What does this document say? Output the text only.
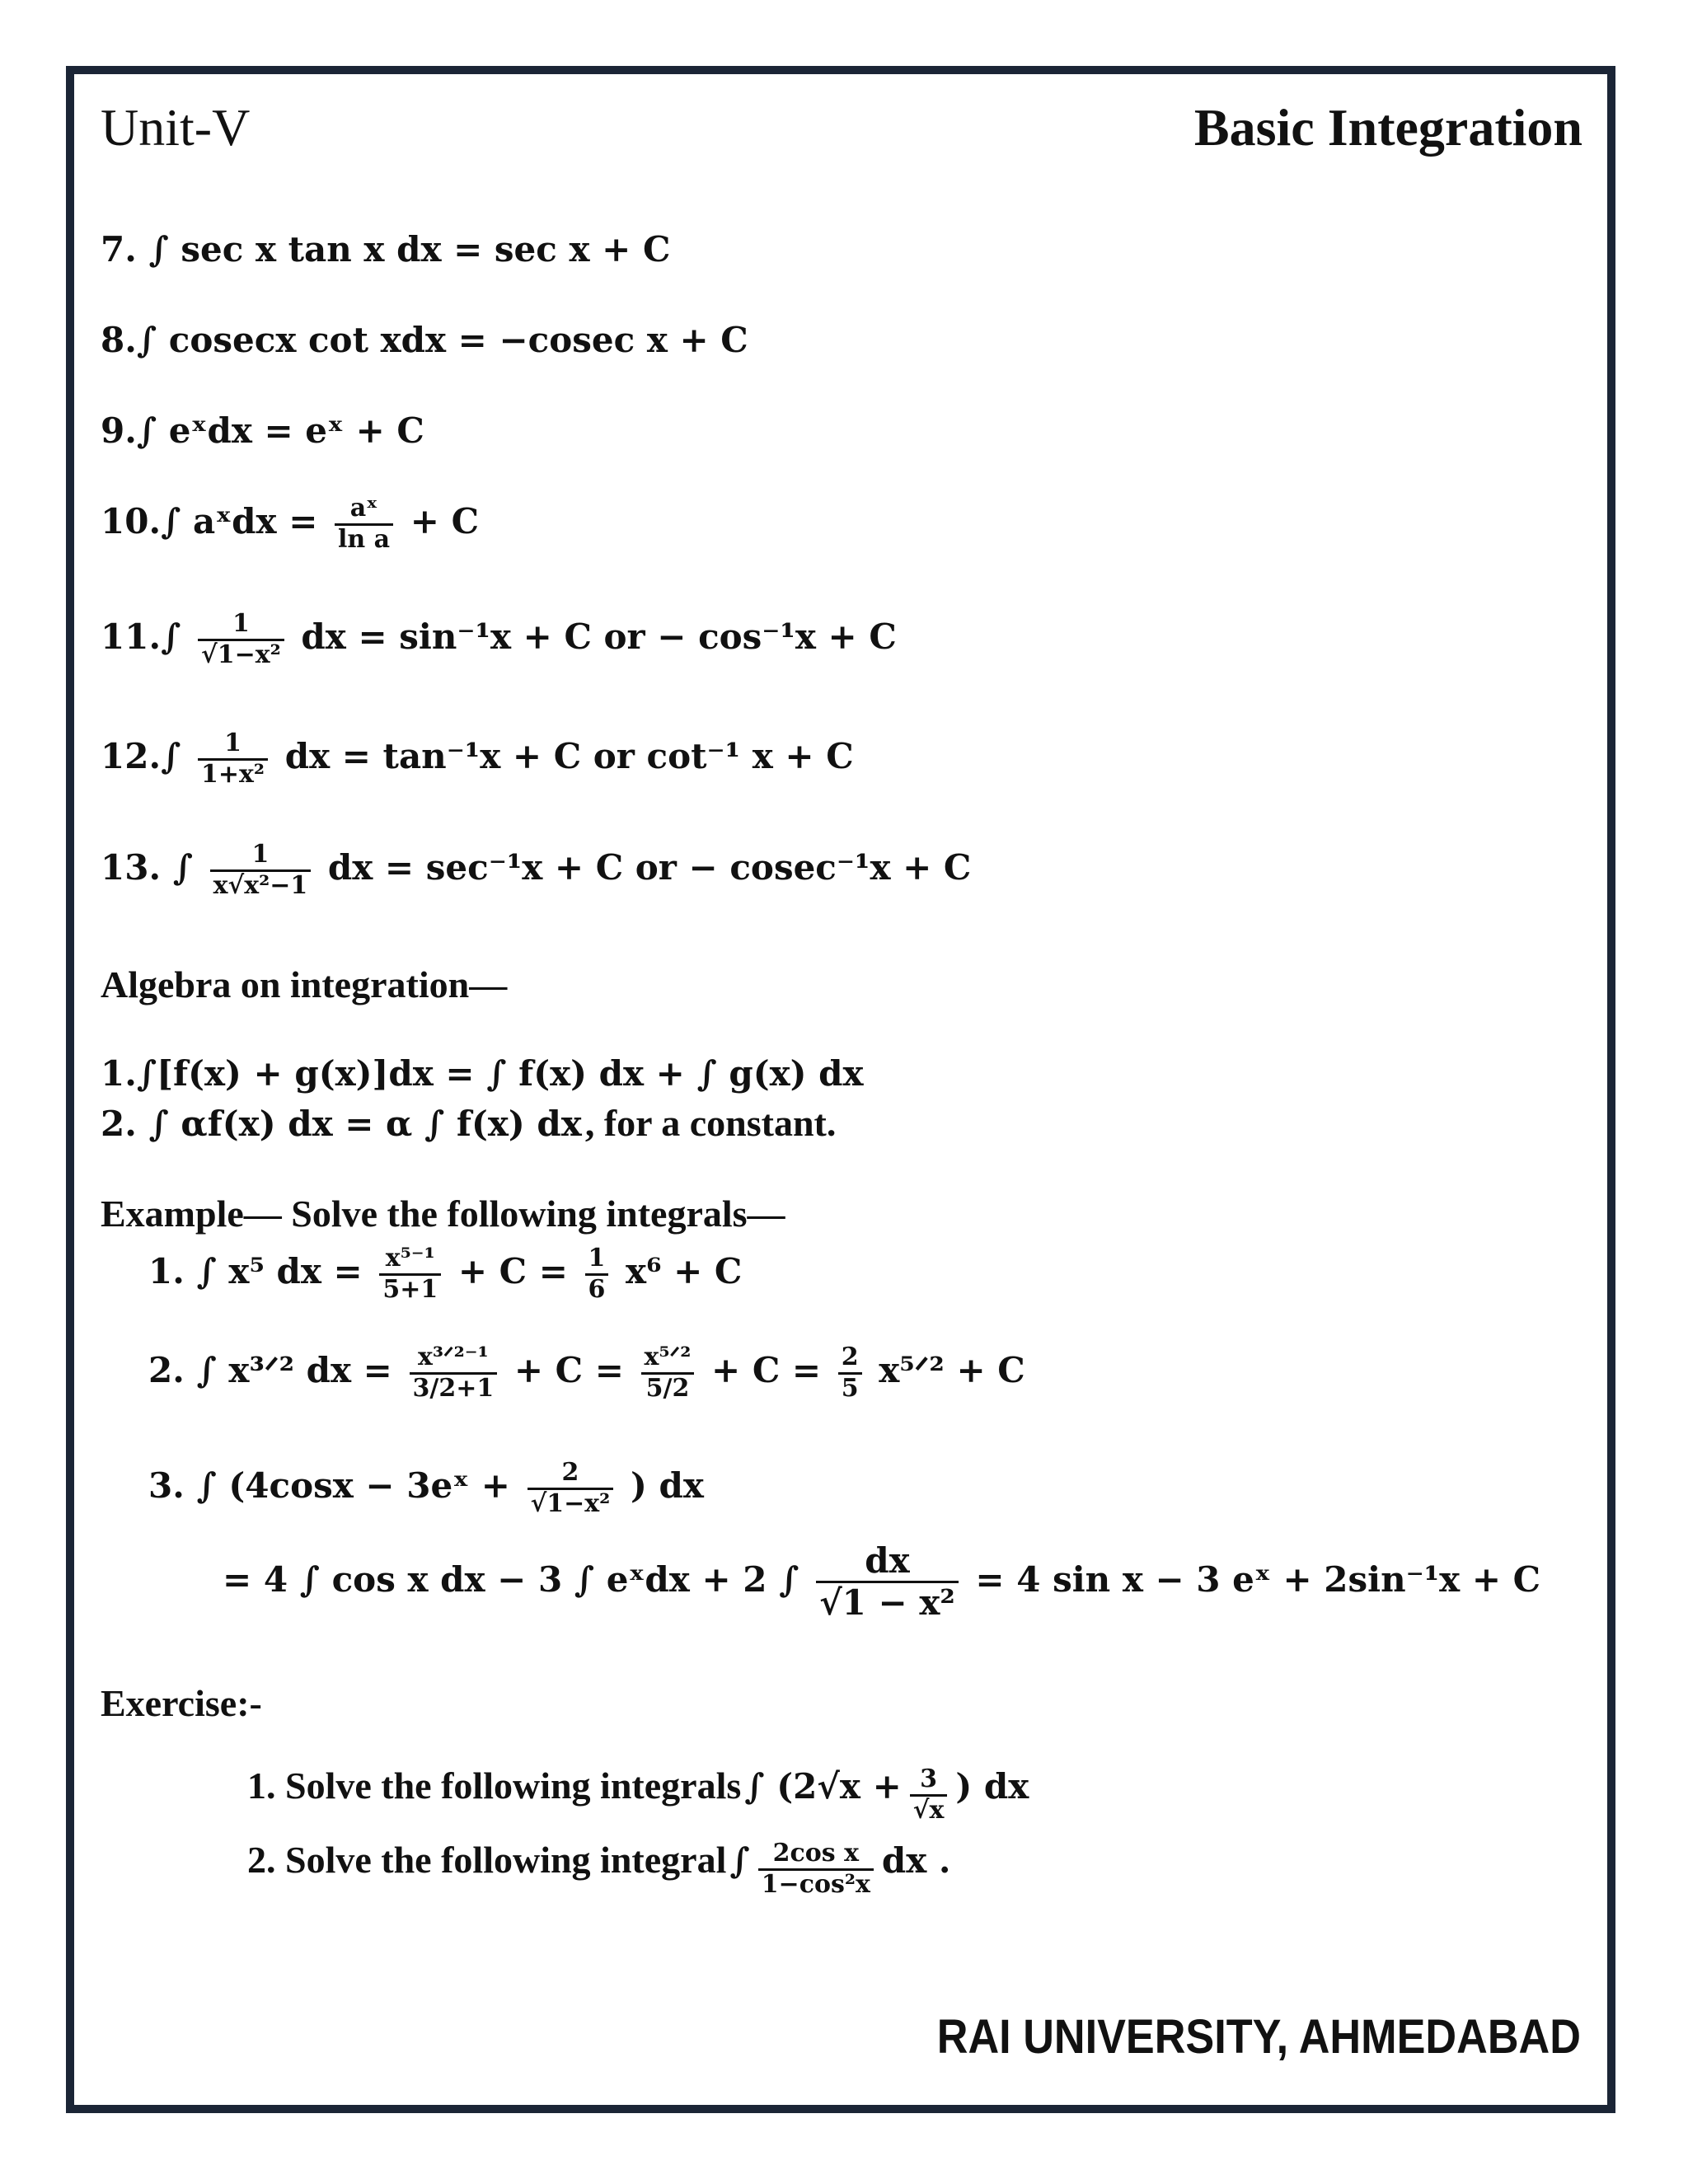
Unit-V	Basic Integration
7. ∫ sec x tan x dx = sec x + C
8.∫ cosecx cot xdx = −cosec x + C
9.∫ eˣdx = eˣ + C
10.∫ aˣdx = $\frac{\text{aˣ}}{\text{ln a}} + C$
$11.\int \frac{1}{\text{√1−x²}}$ dx = sin⁻¹x + C or − cos⁻¹x + C
$12.\int \frac{1}{\text{1+x²}}$ dx = tan⁻¹x + C or cot⁻¹ x + C
13. ∫ $\frac{1}{\text{x√x²−1}}$ dx = sec⁻¹x + C or − cosec⁻¹x + C
Algebra on integration—
1.∫[f(x) + g(x)]dx = ∫ f(x) dx + ∫ g(x) dx
2. ∫ αf(x) dx = α ∫ f(x) dx , for a constant.
Example— Solve the following integrals—
1. ∫ x⁵ dx = $\frac{\text{x⁵⁻¹}}{5+1} + C = \frac{1}{6} x^6 + C$
2. ∫ x³ᐟ² dx = $\frac{\text{x³ᐟ²⁻¹}}{3/2+1} + C = \frac{\text{x⁵ᐟ²}}{5/2} + C = \frac{2}{5}$ x⁵ᐟ² + C
3. ∫ (4cosx − 3eˣ + $\frac{2}{\text{√1−x²}}$ ) dx
= 4 ∫ cos x dx − 3 ∫ eˣdx + 2 ∫ $\frac{dx}{\text{√1 − x²}} = 4$ sin x − 3 eˣ + 2sin⁻¹x + C
Exercise:-
1. Solve the following integrals ∫ ($2√x + \frac{3}{√x}$ ) dx
2. Solve the following integral ∫ $\frac{\text{2cos x}}{\text{1−cos²x}}$ dx .
RAI UNIVERSITY, AHMEDABAD
